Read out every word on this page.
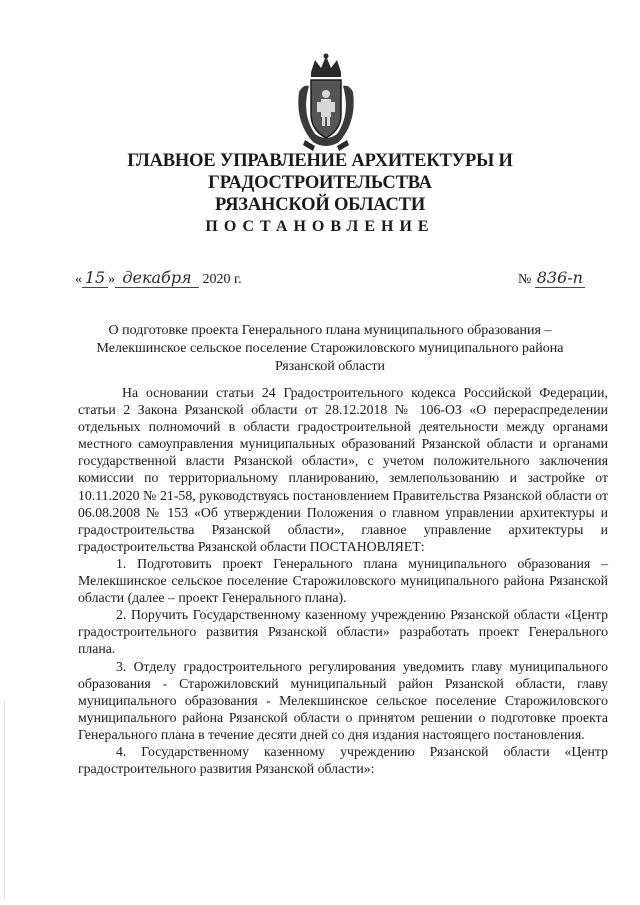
ГЛАВНОЕ УПРАВЛЕНИЕ АРХИТЕКТУРЫ И ГРАДОСТРОИТЕЛЬСТВА
РЯЗАНСКОЙ ОБЛАСТИ
ПОСТАНОВЛЕНИЕ
« 15 » декабря 2020 г.	№ 836-п
О подготовке проекта Генерального плана муниципального образования –
Мелекшинское сельское поселение Старожиловского муниципального района
Рязанской области

На основании статьи 24 Градостроительного кодекса Российской Федерации, статьи 2 Закона Рязанской области от 28.12.2018 № 106-ОЗ «О перераспределении отдельных полномочий в области градостроительной деятельности между органами местного самоуправления муниципальных образований Рязанской области и органами государственной власти Рязанской области», с учетом положительного заключения комиссии по территориальному планированию, землепользованию и застройке от 10.11.2020 № 21-58, руководствуясь постановлением Правительства Рязанской области от 06.08.2008 № 153 «Об утверждении Положения о главном управлении архитектуры и градостроительства Рязанской области», главное управление архитектуры и градостроительства Рязанской области ПОСТАНОВЛЯЕТ:

1. Подготовить проект Генерального плана муниципального образования – Мелекшинское сельское поселение Старожиловского муниципального района Рязанской области (далее – проект Генерального плана).

2. Поручить Государственному казенному учреждению Рязанской области «Центр градостроительного развития Рязанской области» разработать проект Генерального плана.

3. Отделу градостроительного регулирования уведомить главу муниципального образования - Старожиловский муниципальный район Рязанской области, главу муниципального образования - Мелекшинское сельское поселение Старожиловского муниципального района Рязанской области о принятом решении о подготовке проекта Генерального плана в течение десяти дней со дня издания настоящего постановления.

4. Государственному казенному учреждению Рязанской области «Центр градостроительного развития Рязанской области»:
